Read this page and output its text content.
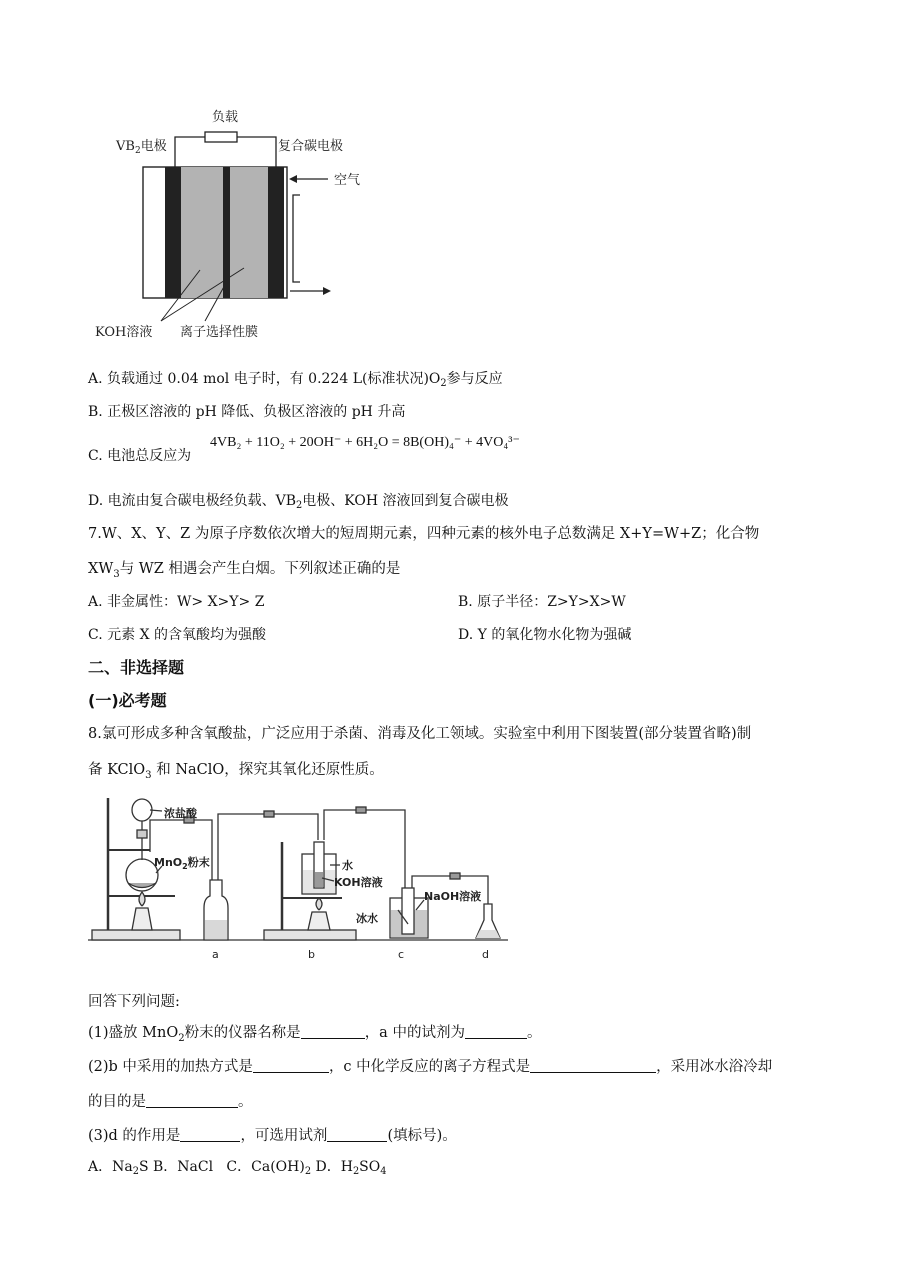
负载
$VB_2$电极	复合碳电极
空气
KOH溶液 离子选择性膜
A. 负载通过 0.04 mol 电子时，有 0.224 L(标准状况)$O_2$参与反应
B. 正极区溶液的 pH 降低、负极区溶液的 pH 升高
C. 电池总反应为
4VB₂ + 11O₂ + 20OH⁻ + 6H₂O = 8B(OH)₄⁻ + 4VO₄³⁻
D. 电流由复合碳电极经负载、$VB_2$电极、KOH 溶液回到复合碳电极
7.W、X、Y、Z 为原子序数依次增大的短周期元素，四种元素的核外电子总数满足 X+Y=W+Z；化合物
$XW_3$与 WZ 相遇会产生白烟。下列叙述正确的是
A. 非金属性：W> X>Y> Z	B. 原子半径：Z>Y>X>W
C. 元素 X 的含氧酸均为强酸	D. Y 的氧化物水化物为强碱
二、非选择题
(一)必考题
8.氯可形成多种含氧酸盐，广泛应用于杀菌、消毒及化工领域。实验室中利用下图装置(部分装置省略)制
备 KClO$_3$ 和 NaClO，探究其氧化还原性质。
浓盐酸
MnO$_2$粉末	水
KOH溶液
冰水
NaOH溶液
a	b	c	d
回答下列问题:
(1)盛放 MnO$_2$粉末的仪器名称是	，a 中的试剂为	。
(2)b 中采用的加热方式是	，c 中化学反应的离子方程式是	，采用冰水浴冷却
的目的是	。
(3)d 的作用是	，可选用试剂	(填标号)。
A．$Na_2S$ B．NaCl   C．$Ca(OH)_2$ D．$H_2SO_4$
